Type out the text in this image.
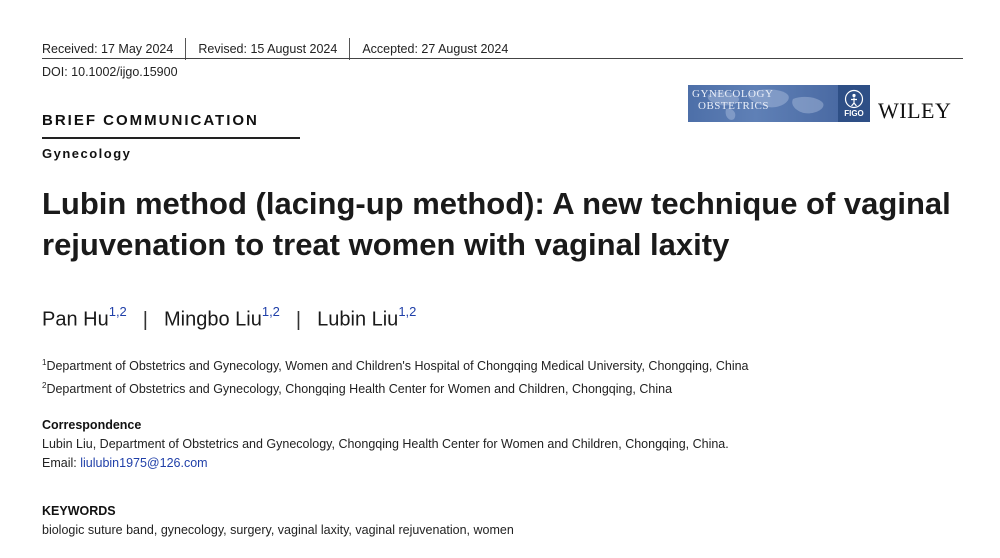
Received: 17 May 2024 Revised: 15 August 2024 Accepted: 27 August 2024
DOI: 10.1002/ijgo.15900
BRIEF COMMUNICATION
Gynecology
GYNECOLOGY
OBSTETRICS
FIGO WILEY
Lubin method (lacing-up method): A new technique of vaginal rejuvenation to treat women with vaginal laxity
Pan Hu$^{1,2}$ | Mingbo Liu$^{1,2}$ | Lubin Liu$^{1,2}$
$^1$Department of Obstetrics and Gynecology, Women and Children's Hospital of Chongqing Medical University, Chongqing, China
$^2$Department of Obstetrics and Gynecology, Chongqing Health Center for Women and Children, Chongqing, China
Correspondence
Lubin Liu, Department of Obstetrics and Gynecology, Chongqing Health Center for Women and Children, Chongqing, China.
Email: liulubin1975@126.com
KEYWORDS
biologic suture band, gynecology, surgery, vaginal laxity, vaginal rejuvenation, women
